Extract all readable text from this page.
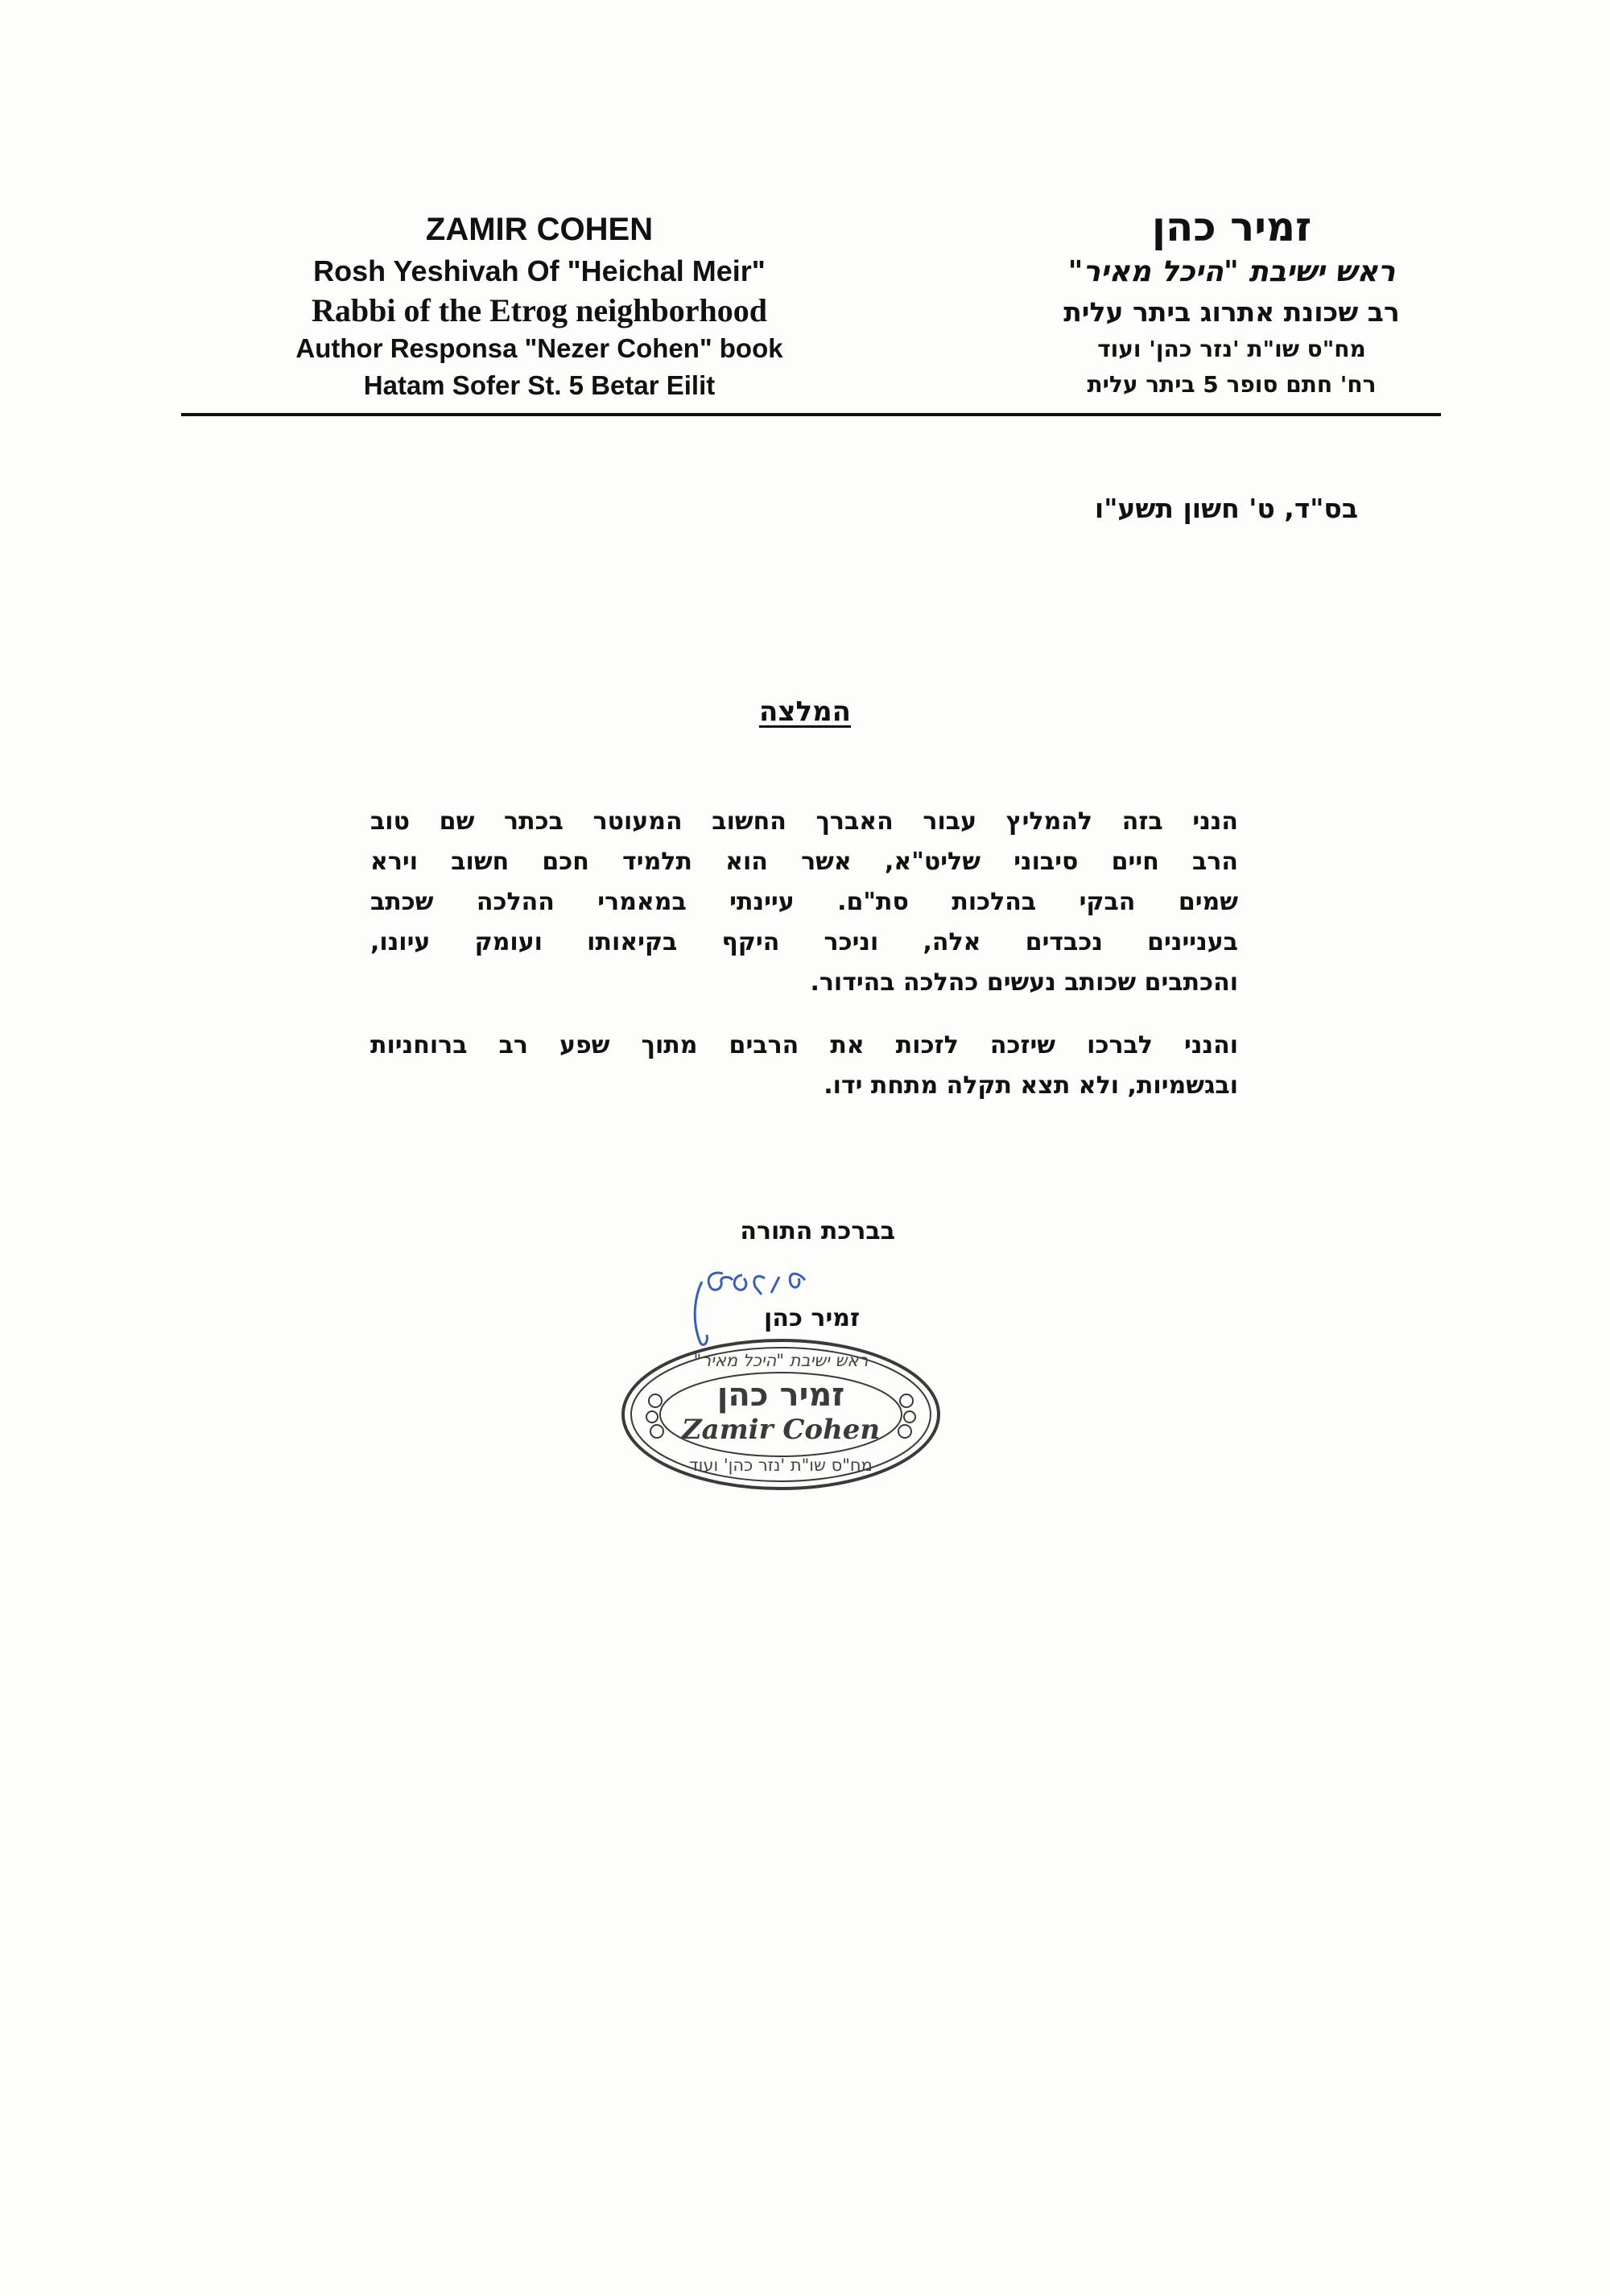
ZAMIR COHEN
Rosh Yeshivah Of "Heichal Meir"
Rabbi of the Etrog neighborhood
Author Responsa "Nezer Cohen" book
Hatam Sofer St. 5 Betar Eilit
זמיר כהן
ראש ישיבת "היכל מאיר"
רב שכונת אתרוג ביתר עלית
מח"ס שו"ת 'נזר כהן' ועוד
רח' חתם סופר 5 ביתר עלית
בס"ד, ט' חשון תשע"ו
המלצה
הנני בזה להמליץ עבור האברך החשוב המעוטר בכתר שם טוב
הרב חיים סיבוני שליט"א, אשר הוא תלמיד חכם חשוב וירא
שמים הבקי בהלכות סת"ם. עיינתי במאמרי ההלכה שכתב
בעניינים נכבדים אלה, וניכר היקף בקיאותו ועומק עיונו,
והכתבים שכותב נעשים כהלכה בהידור.
והנני לברכו שיזכה לזכות את הרבים מתוך שפע רב ברוחניות
ובגשמיות, ולא תצא תקלה מתחת ידו.
בברכת התורה
זמיר כהן
ראש ישיבת "היכל מאיר"
זמיר כהן
Zamir Cohen
מח"ס שו"ת 'נזר כהן' ועוד
